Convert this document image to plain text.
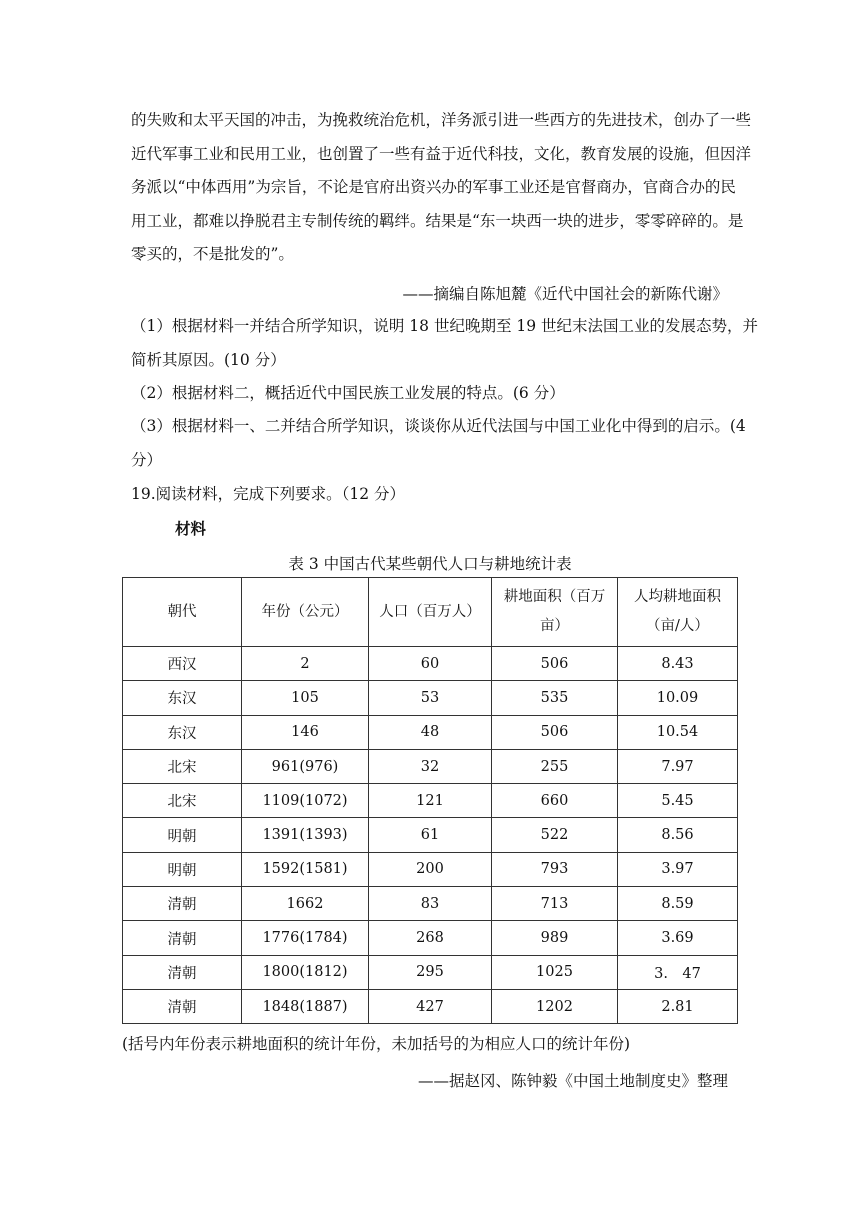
的失败和太平天国的冲击，为挽救统治危机，洋务派引进一些西方的先进技术，创办了一些
近代军事工业和民用工业，也创置了一些有益于近代科技，文化，教育发展的设施，但因洋
务派以“中体西用”为宗旨，不论是官府出资兴办的军事工业还是官督商办，官商合办的民
用工业，都难以挣脱君主专制传统的羁绊。结果是“东一块西一块的进步，零零碎碎的。是
零买的，不是批发的”。
——摘编自陈旭麓《近代中国社会的新陈代谢》
（1）根据材料一并结合所学知识，说明 18 世纪晚期至 19 世纪末法国工业的发展态势，并
简析其原因。(10 分）
（2）根据材料二，概括近代中国民族工业发展的特点。(6 分）
（3）根据材料一、二并结合所学知识，谈谈你从近代法国与中国工业化中得到的启示。(4
分）
19.阅读材料，完成下列要求。（12 分）
材料
表 3 中国古代某些朝代人口与耕地统计表
朝代	年份（公元）	人口（百万人）	耕地面积（百万
亩）	人均耕地面积
（亩/人）
西汉	2	60	506	8.43
东汉	105	53	535	10.09
东汉	146	48	506	10.54
北宋	961(976)	32	255	7.97
北宋	1109(1072)	121	660	5.45
明朝	1391(1393)	61	522	8.56
明朝	1592(1581)	200	793	3.97
清朝	1662	83	713	8.59
清朝	1776(1784)	268	989	3.69
清朝	1800(1812)	295	1025	3.　47
清朝	1848(1887)	427	1202	2.81
(括号内年份表示耕地面积的统计年份，未加括号的为相应人口的统计年份)
——据赵冈、陈钟毅《中国土地制度史》整理
